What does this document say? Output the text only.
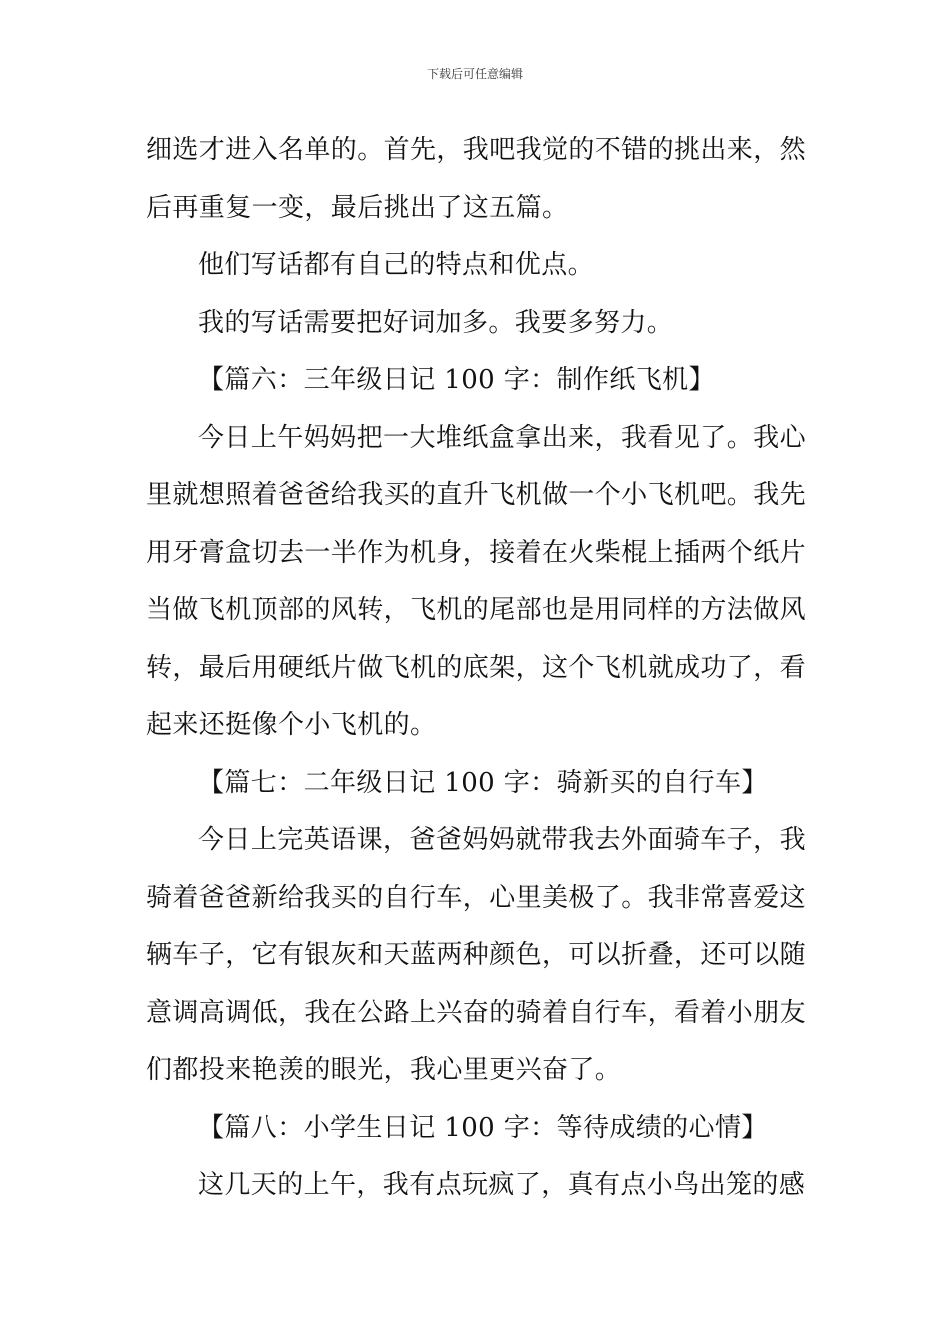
下载后可任意编辑

细选才进入名单的。首先，我吧我觉的不错的挑出来，然后再重复一变，最后挑出了这五篇。

他们写话都有自己的特点和优点。

我的写话需要把好词加多。我要多努力。

【篇六：三年级日记 100 字：制作纸飞机】

今日上午妈妈把一大堆纸盒拿出来，我看见了。我心里就想照着爸爸给我买的直升飞机做一个小飞机吧。我先用牙膏盒切去一半作为机身，接着在火柴棍上插两个纸片当做飞机顶部的风转，飞机的尾部也是用同样的方法做风转，最后用硬纸片做飞机的底架，这个飞机就成功了，看起来还挺像个小飞机的。

【篇七：二年级日记 100 字：骑新买的自行车】

今日上完英语课，爸爸妈妈就带我去外面骑车子，我骑着爸爸新给我买的自行车，心里美极了。我非常喜爱这辆车子，它有银灰和天蓝两种颜色，可以折叠，还可以随意调高调低，我在公路上兴奋的骑着自行车，看着小朋友们都投来艳羡的眼光，我心里更兴奋了。

【篇八：小学生日记 100 字：等待成绩的心情】

这几天的上午，我有点玩疯了，真有点小鸟出笼的感
